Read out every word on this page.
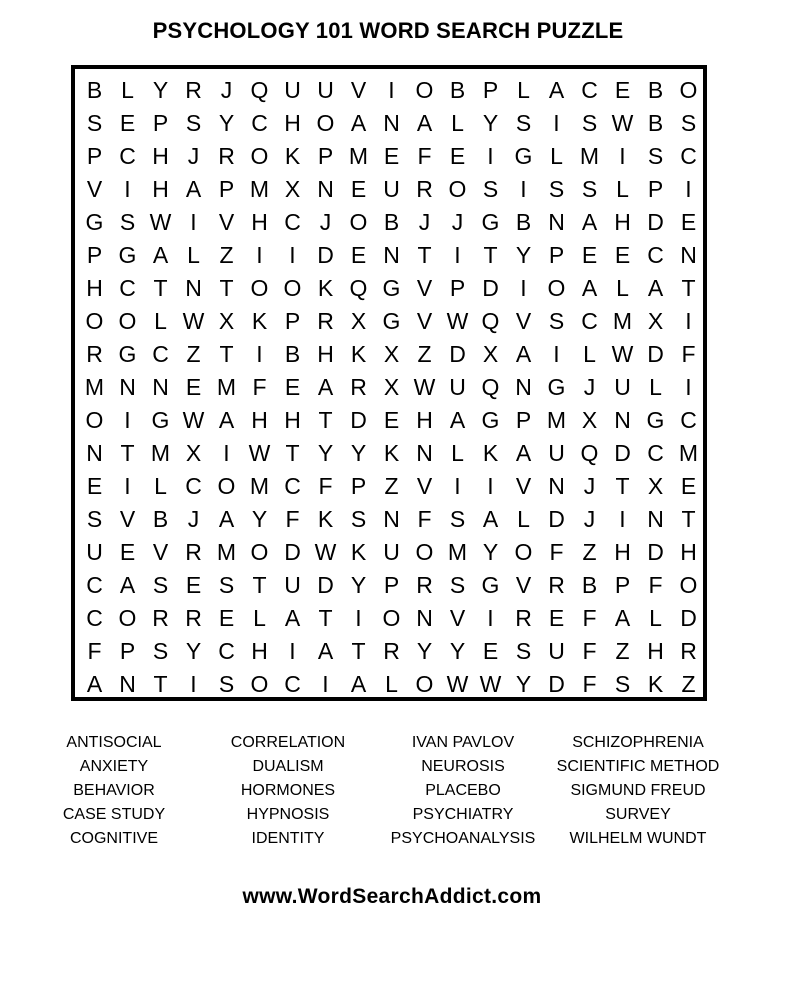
PSYCHOLOGY 101 WORD SEARCH PUZZLE
B L Y R J Q U U V I O B P L A C E B O
S E P S Y C H O A N A L Y S I S W B S
P C H J R O K P M E F E I G L M I S C
V I H A P M X N E U R O S I S S L P I
G S W I V H C J O B J J G B N A H D E
P G A L Z I	I D E N T I T Y P E E C N
H C T N T O O K Q G V P D I O A L A T
O O L W X K P R X G V W Q V S C M X I
R G C Z T I B H K X Z D X A I	L W D F
M N N E M F E A R X W U Q N G J U L	I
O I G W A H H T D E H A G P M X N G C
N T M X I W T Y Y K N L K A U Q D C M
E I	L C O M C F P Z V I	I V N J T X E
S V B J A Y F K S N F S A L D J	I N T
U E V R M O D W K U O M Y O F Z H D H
C A S E S T U D Y P R S G V R B P F O
C O R R E L A T I O N V I R E F A L D
F P S Y C H I A T R Y Y E S U F Z H R
A N T I S O C I A L O W W Y D F S K Z
ANTISOCIAL
ANXIETY
BEHAVIOR
CASE STUDY
COGNITIVE
CORRELATION
DUALISM
HORMONES
HYPNOSIS
IDENTITY
IVAN PAVLOV
NEUROSIS
PLACEBO
PSYCHIATRY
PSYCHOANALYSIS
SCHIZOPHRENIA
SCIENTIFIC METHOD
SIGMUND FREUD
SURVEY
WILHELM WUNDT
www.WordSearchAddict.com
